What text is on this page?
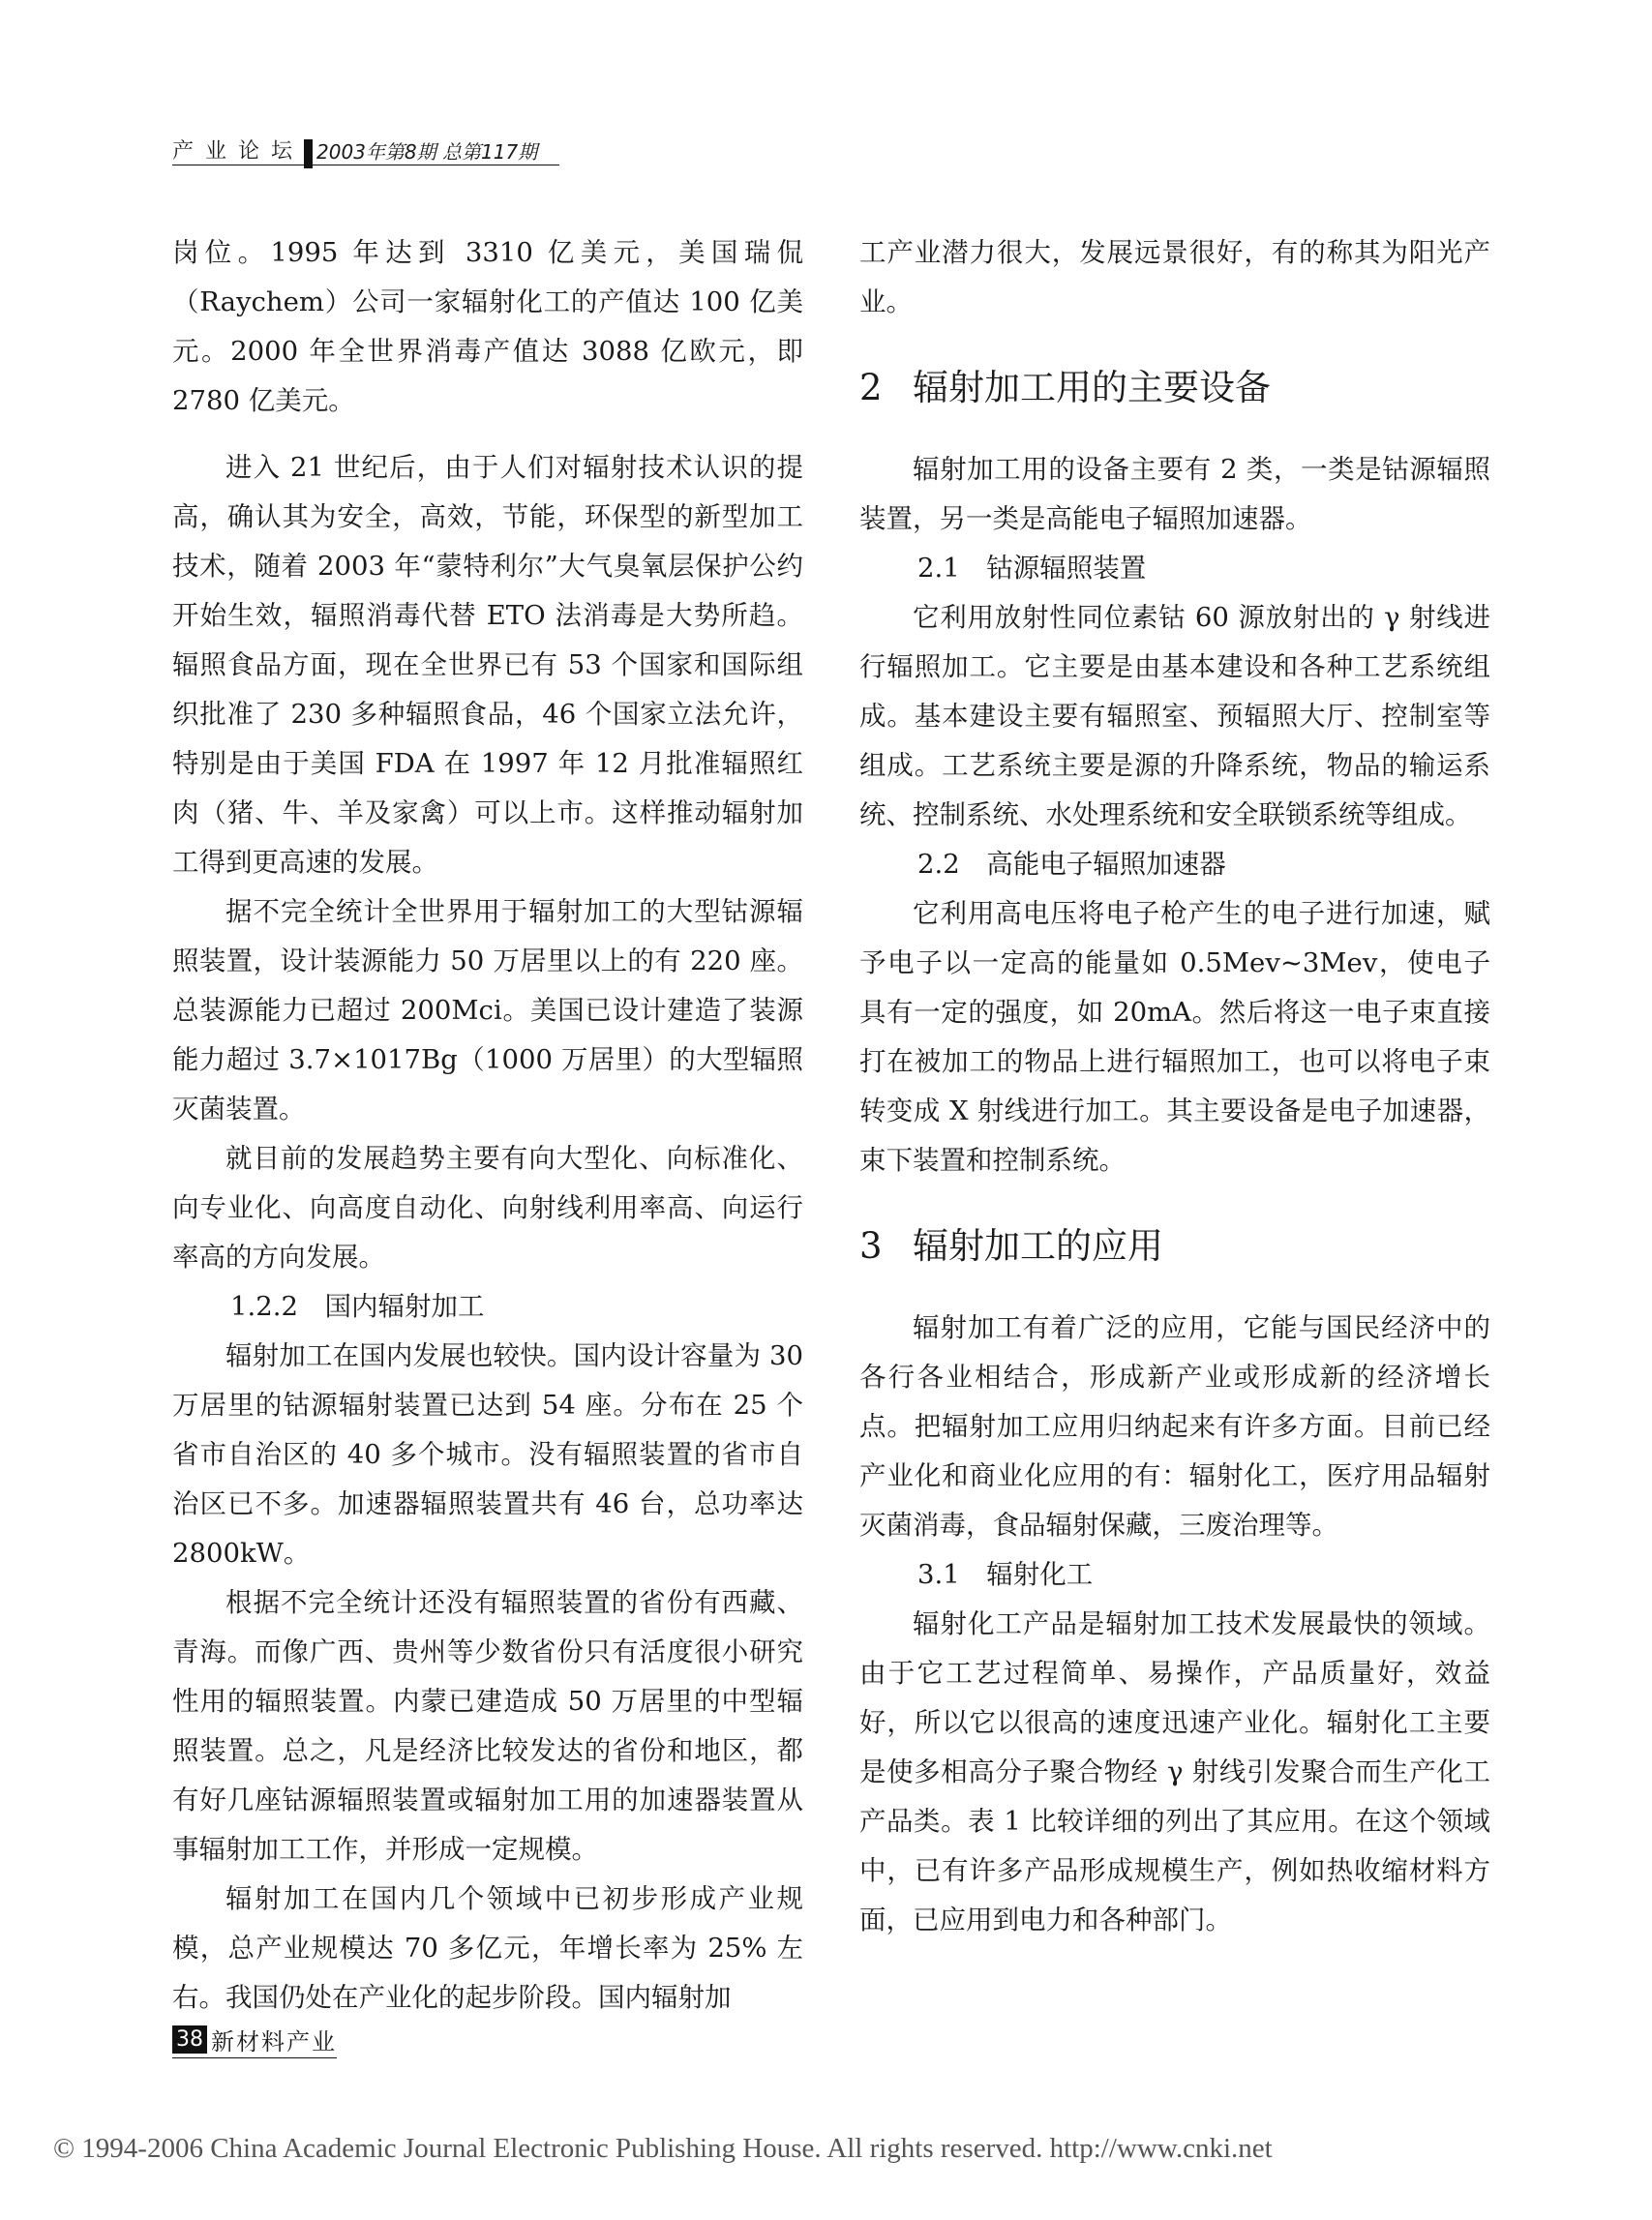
产业论坛 2003年第8期 总第117期

岗位。1995 年达到 3310 亿美元，美国瑞侃（Raychem）公司一家辐射化工的产值达 100 亿美元。2000 年全世界消毒产值达 3088 亿欧元，即 2780 亿美元。

进入 21 世纪后，由于人们对辐射技术认识的提高，确认其为安全，高效，节能，环保型的新型加工技术，随着 2003 年“蒙特利尔”大气臭氧层保护公约开始生效，辐照消毒代替 ETO 法消毒是大势所趋。辐照食品方面，现在全世界已有 53 个国家和国际组织批准了 230 多种辐照食品，46 个国家立法允许，特别是由于美国 FDA 在 1997 年 12 月批准辐照红肉（猪、牛、羊及家禽）可以上市。这样推动辐射加工得到更高速的发展。

据不完全统计全世界用于辐射加工的大型钴源辐照装置，设计装源能力 50 万居里以上的有 220 座。总装源能力已超过 200Mci。美国已设计建造了装源能力超过 3.7×1017Bg（1000 万居里）的大型辐照灭菌装置。

就目前的发展趋势主要有向大型化、向标准化、向专业化、向高度自动化、向射线利用率高、向运行率高的方向发展。

1.2.2　国内辐射加工

辐射加工在国内发展也较快。国内设计容量为 30 万居里的钴源辐射装置已达到 54 座。分布在 25 个省市自治区的 40 多个城市。没有辐照装置的省市自治区已不多。加速器辐照装置共有 46 台，总功率达 2800kW。

根据不完全统计还没有辐照装置的省份有西藏、青海。而像广西、贵州等少数省份只有活度很小研究性用的辐照装置。内蒙已建造成 50 万居里的中型辐照装置。总之，凡是经济比较发达的省份和地区，都有好几座钴源辐照装置或辐射加工用的加速器装置从事辐射加工工作，并形成一定规模。

辐射加工在国内几个领域中已初步形成产业规模，总产业规模达 70 多亿元，年增长率为 25% 左右。我国仍处在产业化的起步阶段。国内辐射加

工产业潜力很大，发展远景很好，有的称其为阳光产业。

2 辐射加工用的主要设备

辐射加工用的设备主要有 2 类，一类是钴源辐照装置，另一类是高能电子辐照加速器。

2.1　钴源辐照装置

它利用放射性同位素钴 60 源放射出的 γ 射线进行辐照加工。它主要是由基本建设和各种工艺系统组成。基本建设主要有辐照室、预辐照大厅、控制室等组成。工艺系统主要是源的升降系统，物品的输运系统、控制系统、水处理系统和安全联锁系统等组成。

2.2　高能电子辐照加速器

它利用高电压将电子枪产生的电子进行加速，赋予电子以一定高的能量如 0.5Mev~3Mev，使电子具有一定的强度，如 20mA。然后将这一电子束直接打在被加工的物品上进行辐照加工，也可以将电子束转变成 X 射线进行加工。其主要设备是电子加速器，束下装置和控制系统。

3 辐射加工的应用

辐射加工有着广泛的应用，它能与国民经济中的各行各业相结合，形成新产业或形成新的经济增长点。把辐射加工应用归纳起来有许多方面。目前已经产业化和商业化应用的有：辐射化工，医疗用品辐射灭菌消毒，食品辐射保藏，三废治理等。

3.1　辐射化工

辐射化工产品是辐射加工技术发展最快的领域。由于它工艺过程简单、易操作，产品质量好，效益好，所以它以很高的速度迅速产业化。辐射化工主要是使多相高分子聚合物经 γ 射线引发聚合而生产化工产品类。表 1 比较详细的列出了其应用。在这个领域中，已有许多产品形成规模生产，例如热收缩材料方面，已应用到电力和各种部门。

38 新材料产业
© 1994-2006 China Academic Journal Electronic Publishing House. All rights reserved. http://www.cnki.net
